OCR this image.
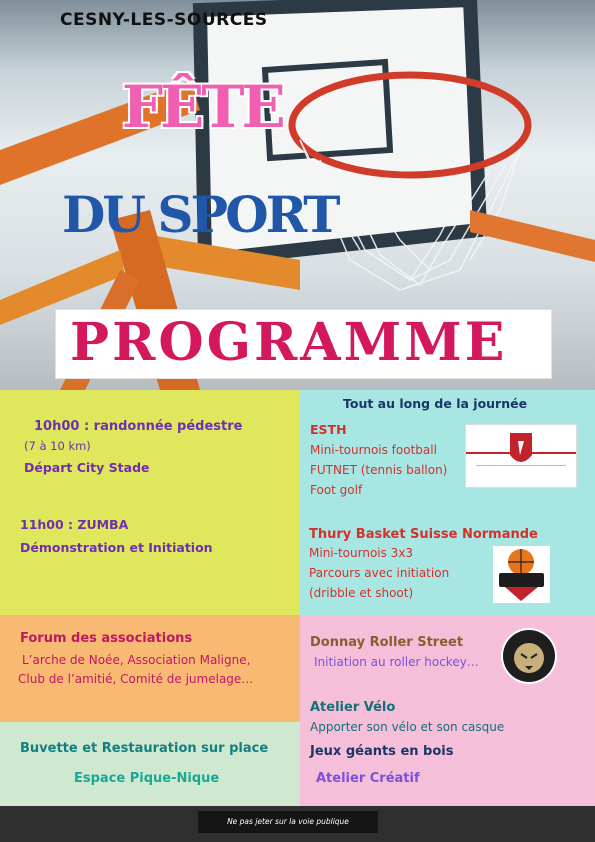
CESNY-LES-SOURCES
FÊTE
DU SPORT
PROGRAMME
10h00 : randonnée pédestre
(7 à 10 km)
Départ City Stade
11h00 : ZUMBA
Démonstration et Initiation
Tout au long de la journée
ESTH
Mini-tournois football
FUTNET (tennis ballon)
Foot golf
Thury Basket Suisse Normande
Mini-tournois 3x3
Parcours avec initiation
(dribble et shoot)
Forum des associations
L’arche de Noée, Association Maligne,
Club de l’amitié, Comité de jumelage…
Buvette et Restauration sur place
Espace Pique-Nique
Donnay Roller Street
Initiation au roller hockey…
Atelier Vélo
Apporter son vélo et son casque
Jeux géants en bois
Atelier Créatif
Ne pas jeter sur la voie publique
